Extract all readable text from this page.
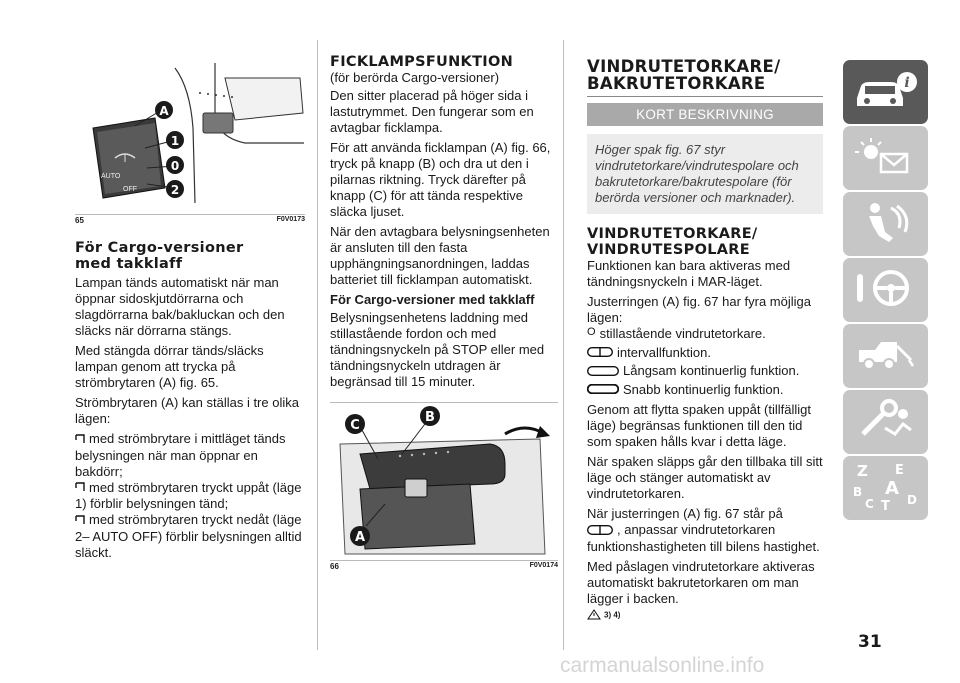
AUTO
OFF
A
1
0
2
65	F0V0173
För Cargo-versioner
med takklaff

Lampan tänds automatiskt när man öppnar sidoskjutdörrarna och slagdörrarna bak/bakluckan och den släcks när dörrarna stängs.

Med stängda dörrar tänds/släcks lampan genom att trycka på strömbrytaren (A) fig. 65.

Strömbrytaren (A) kan ställas i tre olika lägen:

med strömbrytare i mittläget tänds belysningen när man öppnar en bakdörr;
med strömbrytaren tryckt uppåt (läge 1) förblir belysningen tänd;
med strömbrytaren tryckt nedåt (läge 2– AUTO OFF) förblir belysningen alltid släckt.
FICKLAMPSFUNKTION

(för berörda Cargo-versioner)

Den sitter placerad på höger sida i lastutrymmet. Den fungerar som en avtagbar ficklampa.

För att använda ficklampan (A) fig. 66, tryck på knapp (B) och dra ut den i pilarnas riktning. Tryck därefter på knapp (C) för att tända respektive släcka ljuset.

När den avtagbara belysningsenheten är ansluten till den fasta upphängningsanordningen, laddas batteriet till ficklampan automatiskt.

För Cargo-versioner med takklaff

Belysningsenhetens laddning med stillastående fordon och med tändningsnyckeln på STOP eller med tändningsnyckeln utdragen är begränsad till 15 minuter.

C
B
A
66	F0V0174
VINDRUTETORKARE/
BAKRUTETORKARE
KORT BESKRIVNING
Höger spak fig. 67 styr vindrutetorkare/vindrutespolare och bakrutetorkare/bakrutespolare (för berörda versioner och marknader).
VINDRUTETORKARE/
VINDRUTESPOLARE

Funktionen kan bara aktiveras med tändningsnyckeln i MAR-läget.

Justerringen (A) fig. 67 har fyra möjliga lägen:

O stillastående vindrutetorkare.
intervallfunktion.
Långsam kontinuerlig funktion.
Snabb kontinuerlig funktion.

Genom att flytta spaken uppåt (tillfälligt läge) begränsas funktionen till den tid som spaken hålls kvar i detta läge.

När spaken släpps går den tillbaka till sitt läge och stänger automatiskt av vindrutetorkaren.

När justerringen (A) fig. 67 står på
, anpassar vindrutetorkaren funktionshastigheten till bilens hastighet.

Med påslagen vindrutetorkare aktiveras automatiskt bakrutetorkaren om man lägger i backen.

3) 4)
i
Z E
B A
C T D
31
carmanualsonline.info
